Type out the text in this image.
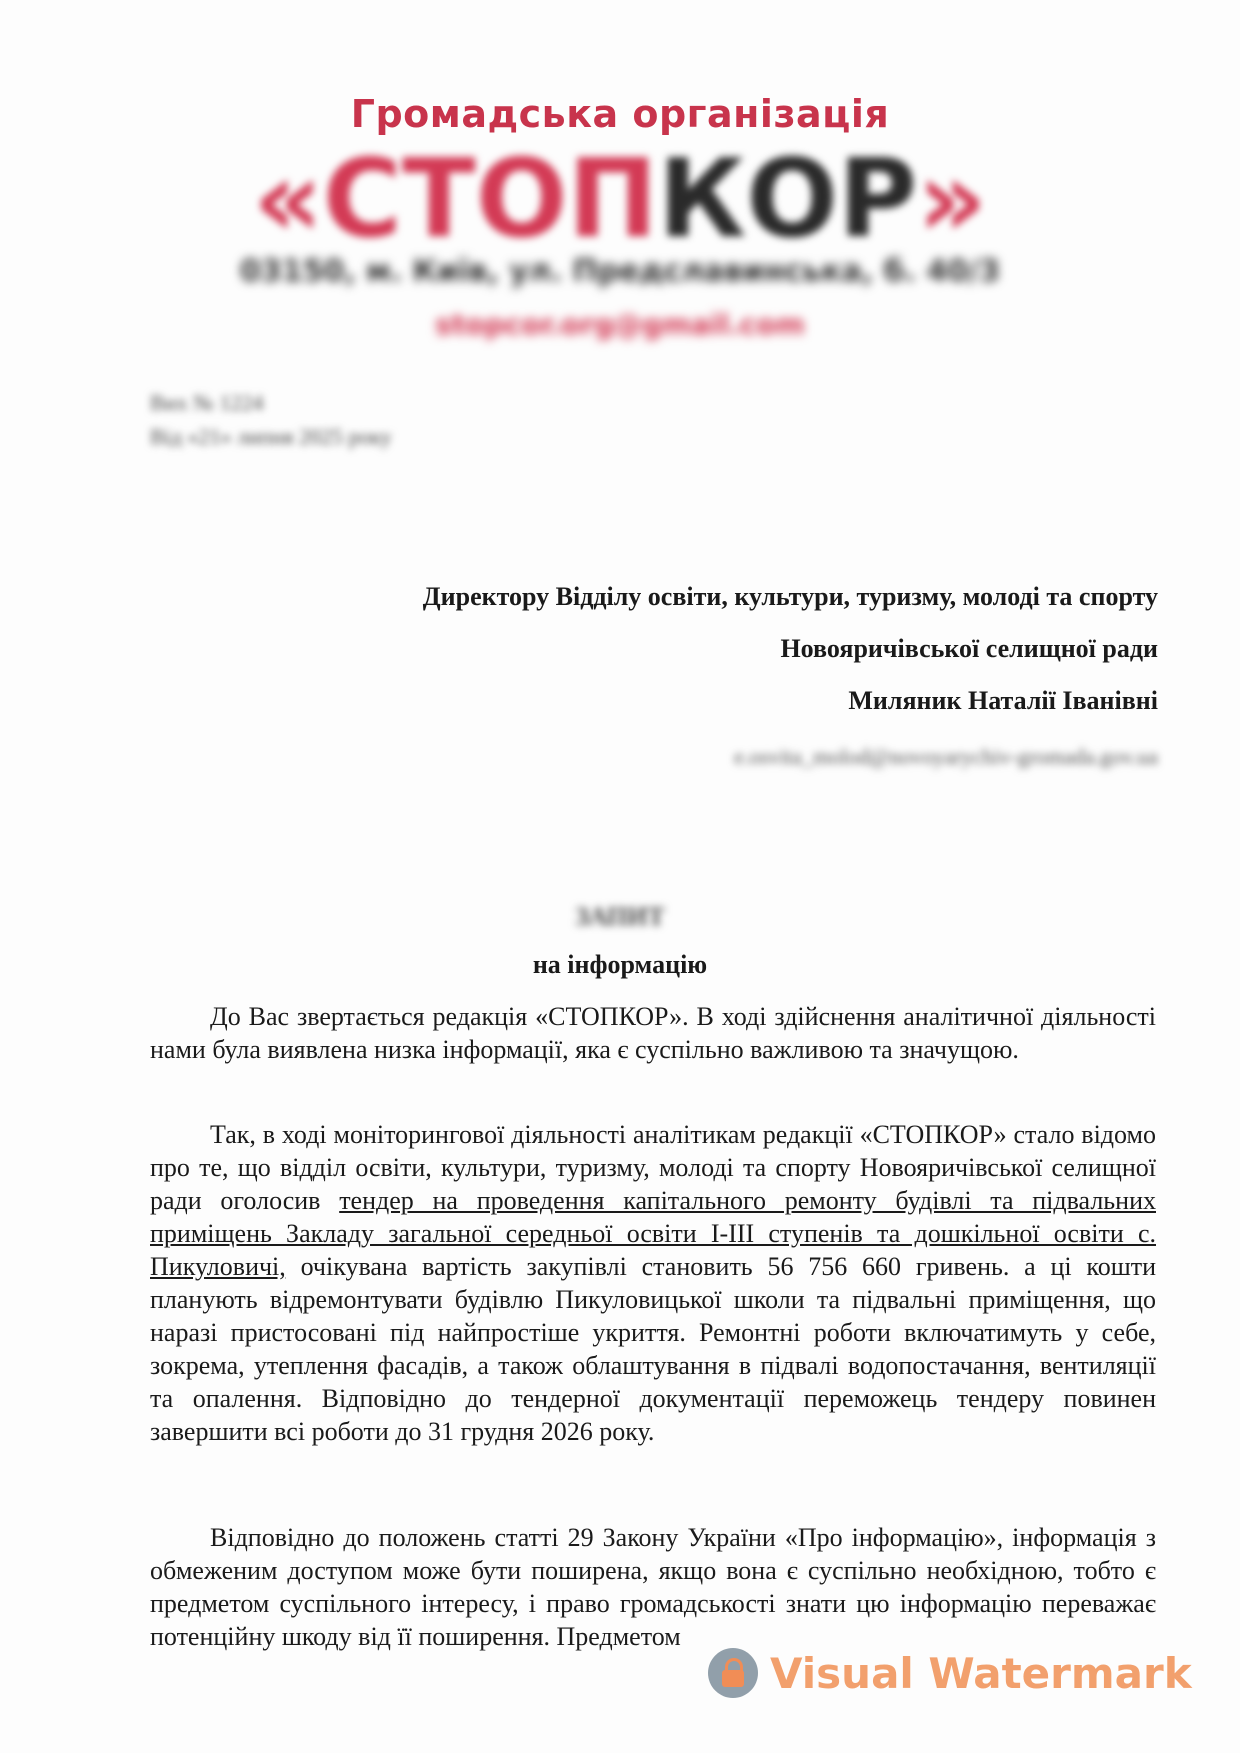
Громадська організація
«СТОПКОР»
03150, м. Київ, ул. Предславинська, б. 40/3
stopcor.org@gmail.com
Вих № 1224
Від «21» липня 2025 року
Директору Відділу освіти, культури, туризму, молоді та спорту
Новояричівської селищної ради
Миляник Наталії Іванівні
e.osvita_molod@novoyarychiv-gromada.gov.ua
ЗАПИТ
на інформацію

До Вас звертається редакція «СТОПКОР». В ході здійснення аналітичної діяльності нами була виявлена низка інформації, яка є суспільно важливою та значущою.

Так, в ході моніторингової діяльності аналітикам редакції «СТОПКОР» стало відомо про те, що відділ освіти, культури, туризму, молоді та спорту Новояричівської селищної ради оголосив тендер на проведення капітального ремонту будівлі та підвальних приміщень Закладу загальної середньої освіти І-ІІІ ступенів та дошкільної освіти с. Пикуловичі, очікувана вартість закупівлі становить 56 756 660 гривень. а ці кошти планують відремонтувати будівлю Пикуловицької школи та підвальні приміщення, що наразі пристосовані під найпростіше укриття. Ремонтні роботи включатимуть у себе, зокрема, утеплення фасадів, а також облаштування в підвалі водопостачання, вентиляції та опалення. Відповідно до тендерної документації переможець тендеру повинен завершити всі роботи до 31 грудня 2026 року.

Відповідно до положень статті 29 Закону України «Про інформацію», інформація з обмеженим доступом може бути поширена, якщо вона є суспільно необхідною, тобто є предметом суспільного інтересу, і право громадськості знати цю інформацію переважає потенційну шкоду від її поширення. Предметом

Visual Watermark
